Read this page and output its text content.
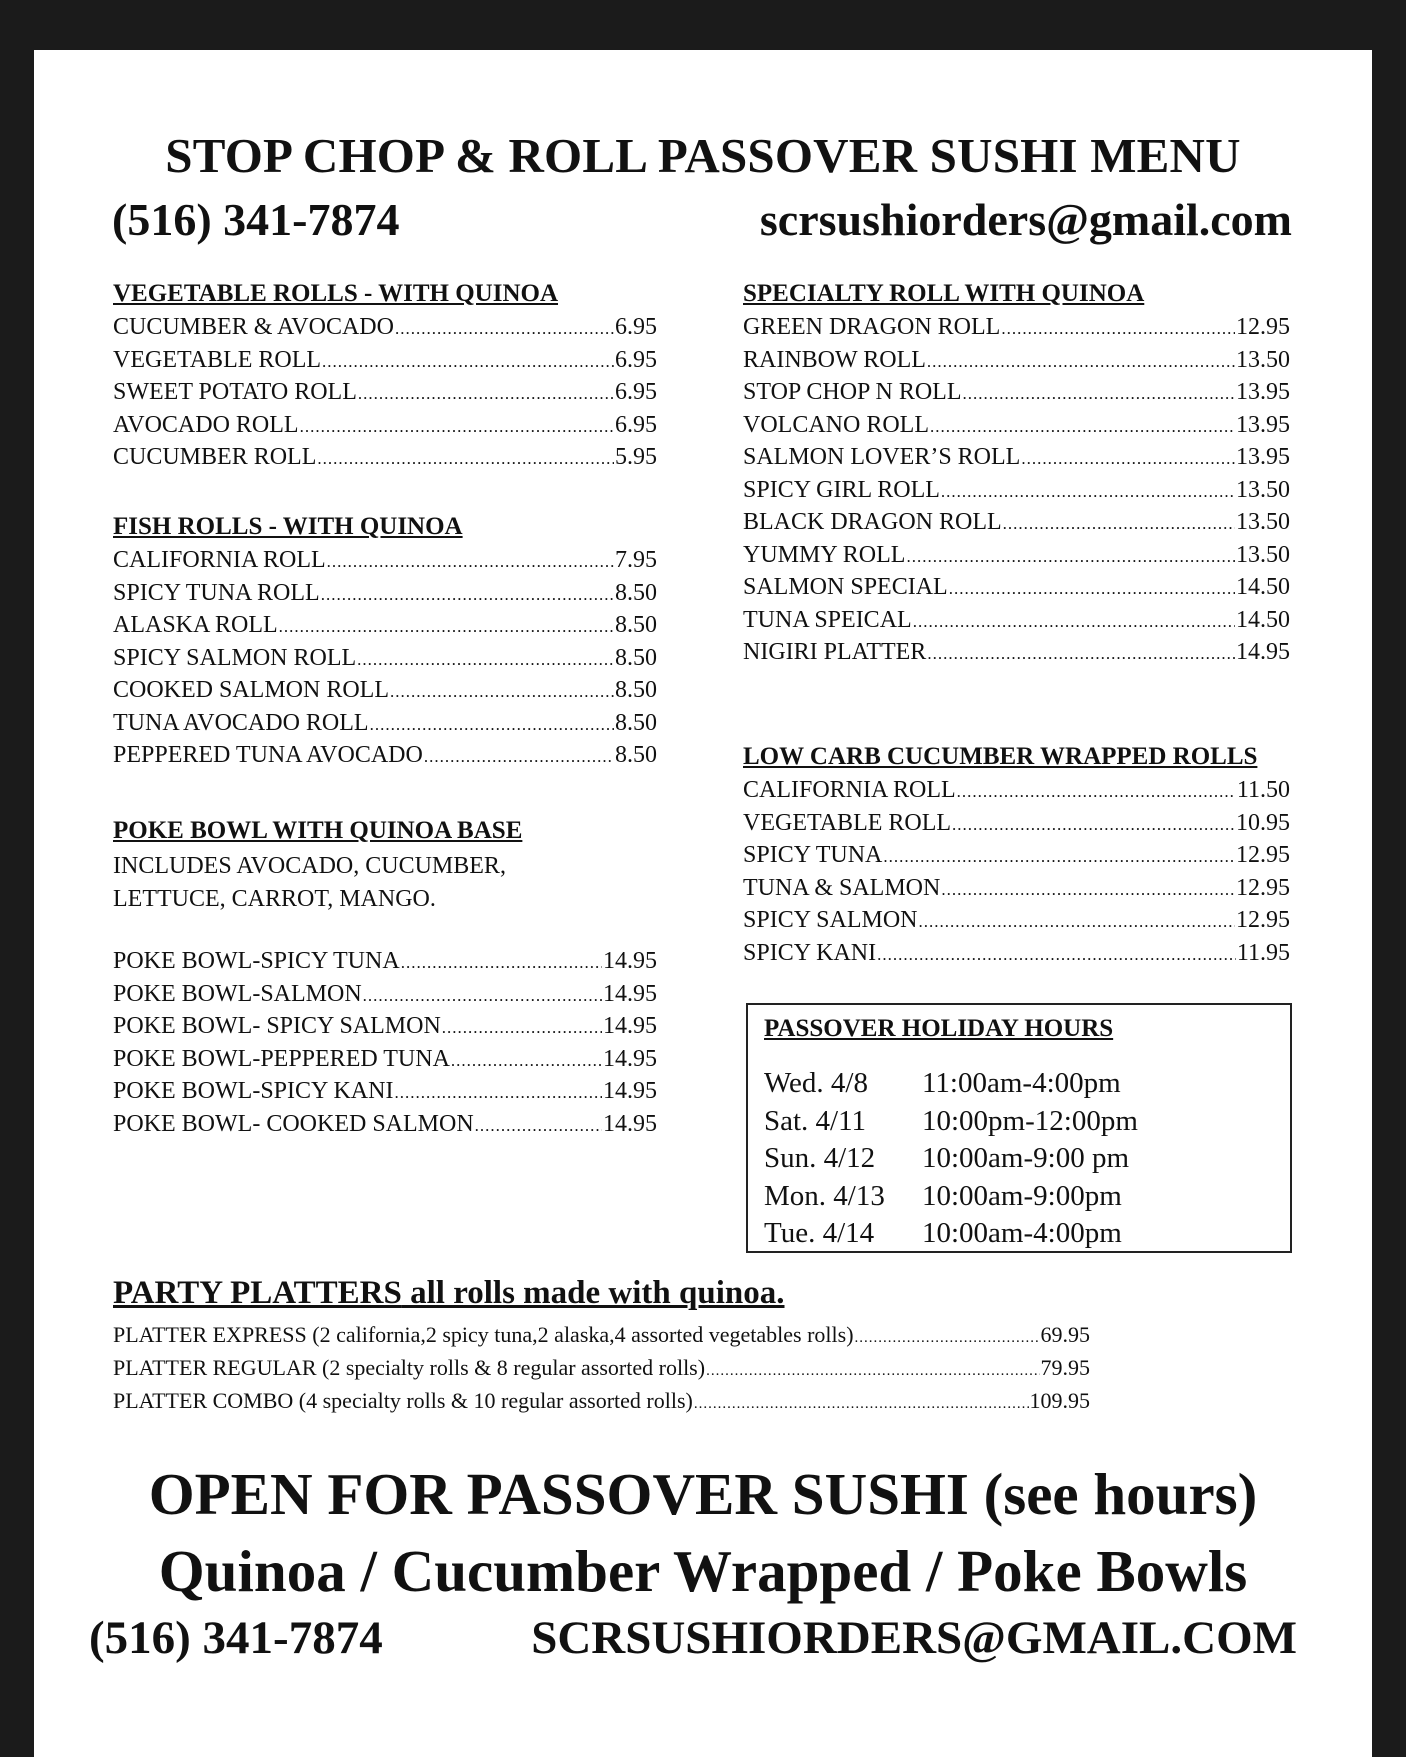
STOP CHOP & ROLL PASSOVER SUSHI MENU
(516) 341-7874	scrsushiorders@gmail.com
VEGETABLE ROLLS - WITH QUINOA
CUCUMBER & AVOCADO .....	6.95
VEGETABLE ROLL .....	6.95
SWEET POTATO ROLL .....	6.95
AVOCADO ROLL .....	6.95
CUCUMBER ROLL .....	5.95
FISH ROLLS - WITH QUINOA
CALIFORNIA ROLL .....	7.95
SPICY TUNA ROLL .....	8.50
ALASKA ROLL .....	8.50
SPICY SALMON ROLL .....	8.50
COOKED SALMON ROLL .....	8.50
TUNA AVOCADO ROLL .....	8.50
PEPPERED TUNA AVOCADO .....	8.50
POKE BOWL WITH QUINOA BASE
INCLUDES AVOCADO, CUCUMBER,
LETTUCE, CARROT, MANGO.
POKE BOWL-SPICY TUNA .....	14.95
POKE BOWL-SALMON .....	14.95
POKE BOWL- SPICY SALMON .....	14.95
POKE BOWL-PEPPERED TUNA .....	14.95
POKE BOWL-SPICY KANI .....	14.95
POKE BOWL- COOKED SALMON .....	14.95
SPECIALTY ROLL WITH QUINOA
GREEN DRAGON ROLL .....	12.95
RAINBOW ROLL .....	13.50
STOP CHOP N ROLL .....	13.95
VOLCANO ROLL .....	13.95
SALMON LOVER’S ROLL .....	13.95
SPICY GIRL ROLL .....	13.50
BLACK DRAGON ROLL .....	13.50
YUMMY ROLL .....	13.50
SALMON SPECIAL .....	14.50
TUNA SPEICAL .....	14.50
NIGIRI PLATTER .....	14.95
LOW CARB CUCUMBER WRAPPED ROLLS
CALIFORNIA ROLL .....	11.50
VEGETABLE ROLL .....	10.95
SPICY TUNA .....	12.95
TUNA & SALMON .....	12.95
SPICY SALMON .....	12.95
SPICY KANI .....	11.95
PASSOVER HOLIDAY HOURS
Wed. 4/8	11:00am-4:00pm
Sat. 4/11	10:00pm-12:00pm
Sun. 4/12	10:00am-9:00 pm
Mon. 4/13	10:00am-9:00pm
Tue. 4/14	10:00am-4:00pm
PARTY PLATTERS all rolls made with quinoa.
PLATTER EXPRESS (2 california,2 spicy tuna,2 alaska,4 assorted vegetables rolls) .....	69.95
PLATTER REGULAR (2 specialty rolls & 8 regular assorted rolls) .....	79.95
PLATTER COMBO (4 specialty rolls & 10 regular assorted rolls) .....	109.95
OPEN FOR PASSOVER SUSHI (see hours)
Quinoa / Cucumber Wrapped / Poke Bowls
(516) 341-7874	SCRSUSHIORDERS@GMAIL.COM
